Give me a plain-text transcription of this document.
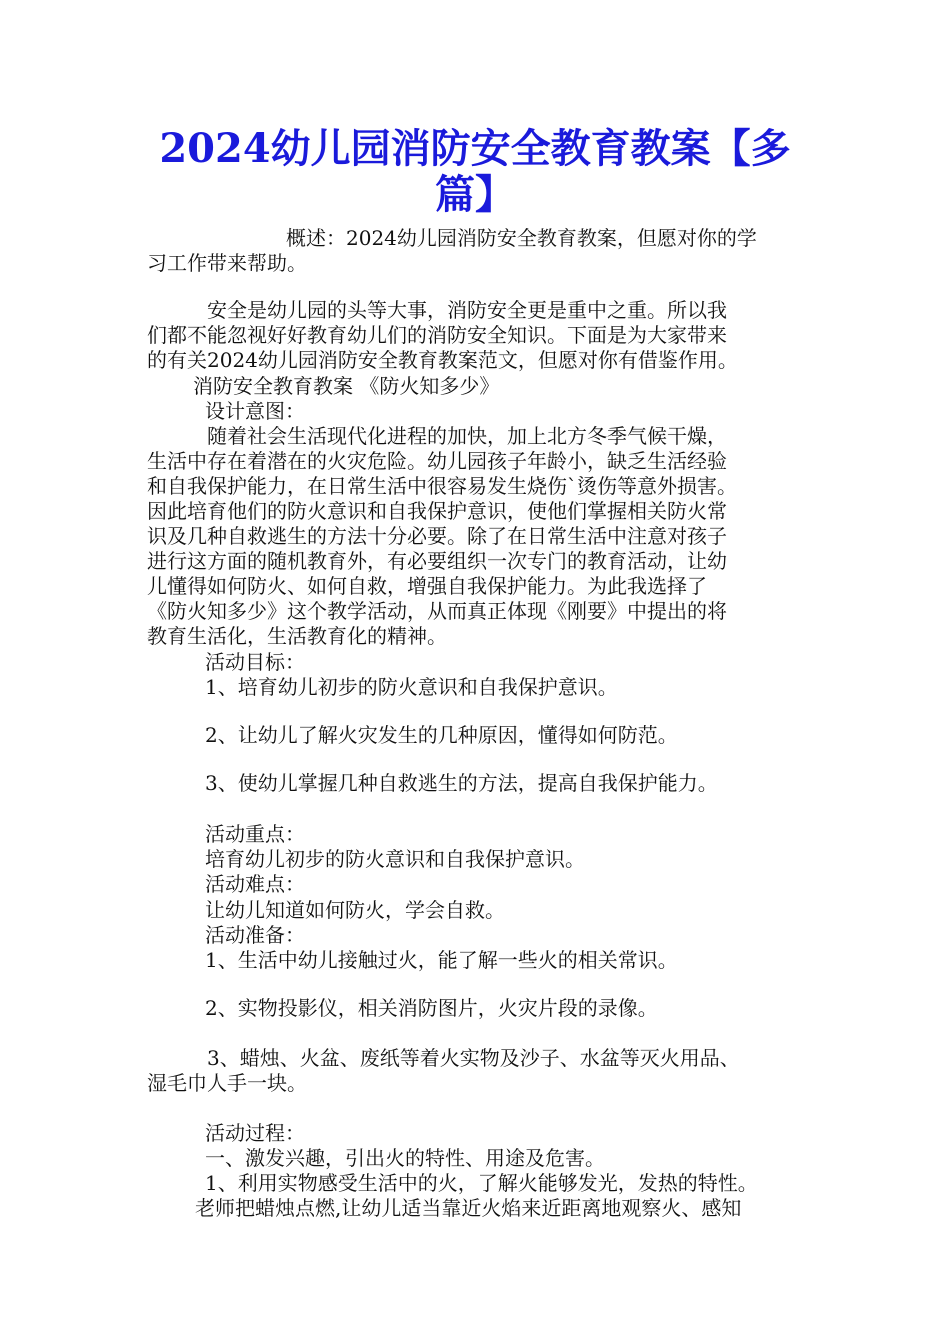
2024幼儿园消防安全教育教案【多
篇】
概述：2024幼儿园消防安全教育教案，但愿对你的学
习工作带来帮助。
安全是幼儿园的头等大事，消防安全更是重中之重。所以我
们都不能忽视好好教育幼儿们的消防安全知识。下面是为大家带来
的有关2024幼儿园消防安全教育教案范文，但愿对你有借鉴作用。
消防安全教育教案 《防火知多少》
设计意图：
随着社会生活现代化进程的加快，加上北方冬季气候干燥，
生活中存在着潜在的火灾危险。幼儿园孩子年龄小，缺乏生活经验
和自我保护能力，在日常生活中很容易发生烧伤`烫伤等意外损害。
因此培育他们的防火意识和自我保护意识，使他们掌握相关防火常
识及几种自救逃生的方法十分必要。除了在日常生活中注意对孩子
进行这方面的随机教育外，有必要组织一次专门的教育活动，让幼
儿懂得如何防火、如何自救，增强自我保护能力。为此我选择了
《防火知多少》这个教学活动，从而真正体现《刚要》中提出的将
教育生活化，生活教育化的精神。
活动目标：
1、培育幼儿初步的防火意识和自我保护意识。
2、让幼儿了解火灾发生的几种原因，懂得如何防范。
3、使幼儿掌握几种自救逃生的方法，提高自我保护能力。
活动重点：
培育幼儿初步的防火意识和自我保护意识。
活动难点：
让幼儿知道如何防火，学会自救。
活动准备：
1、生活中幼儿接触过火，能了解一些火的相关常识。
2、实物投影仪，相关消防图片，火灾片段的录像。
3、蜡烛、火盆、废纸等着火实物及沙子、水盆等灭火用品、
湿毛巾人手一块。
活动过程：
一、激发兴趣，引出火的特性、用途及危害。
1、利用实物感受生活中的火，了解火能够发光，发热的特性。
老师把蜡烛点燃,让幼儿适当靠近火焰来近距离地观察火、感知
